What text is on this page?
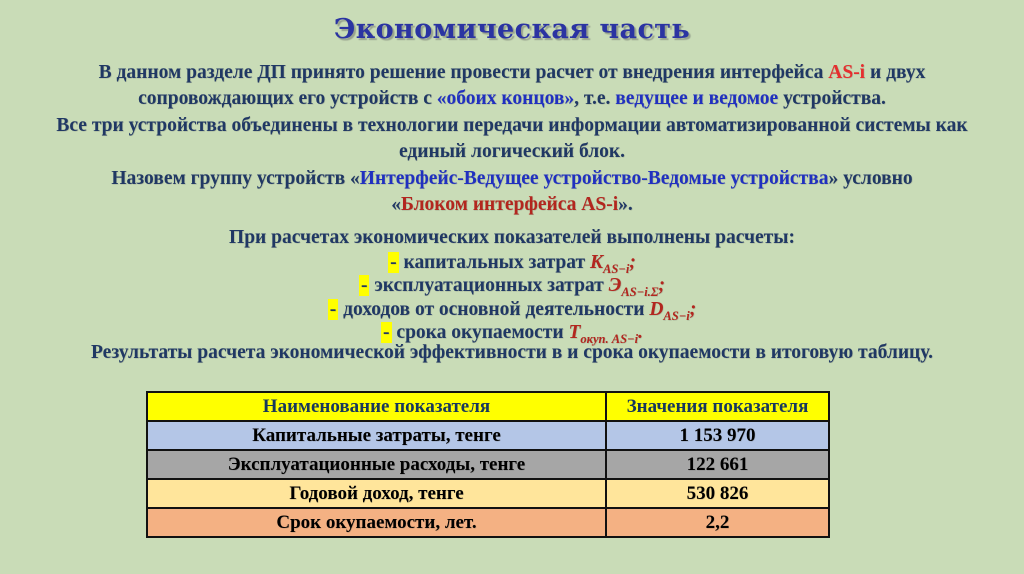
Экономическая часть

В данном разделе ДП принято решение провести расчет от внедрения интерфейса AS-i и двух сопровождающих его устройств с «обоих концов», т.е. ведущее и ведомое устройства.

Все три устройства объединены в технологии передачи информации автоматизированной системы как единый логический блок.

Назовем группу устройств «Интерфейс-Ведущее устройство-Ведомые устройства» условно «Блоком интерфейса AS-i».

При расчетах экономических показателей выполнены расчеты:

- капитальных затрат $K_{AS-i}$;
- эксплуатационных затрат $Э_{AS-i.\Sigma}$;
- доходов от основной деятельности $D_{AS-i}$;
- срока окупаемости $T_{окуп. AS-i}$.

Результаты расчета экономической эффективности в и срока окупаемости в итоговую таблицу.

Наименование показателя	Значения показателя
Капитальные затраты, тенге	1 153 970
Эксплуатационные расходы, тенге	122 661
Годовой доход, тенге	530 826
Срок окупаемости, лет.	2,2
